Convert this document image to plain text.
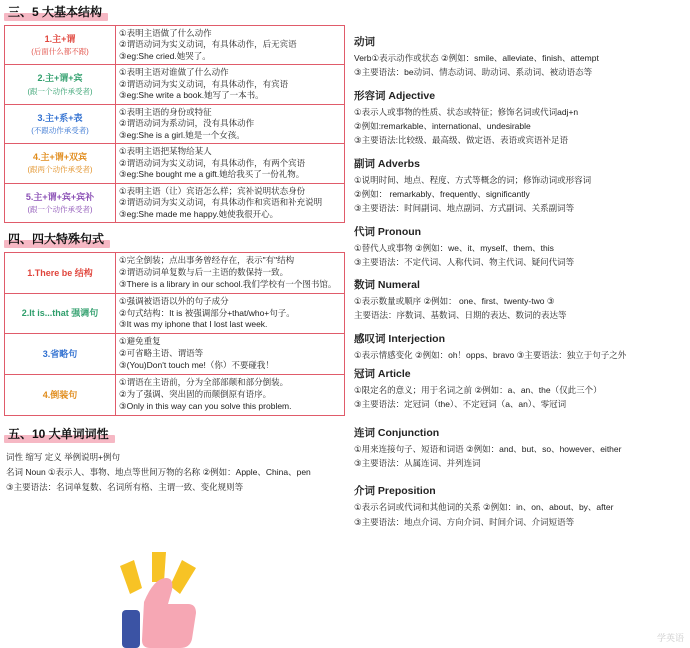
三、5 大基本结构
1.主+谓
(后面什么都不跟)	①表明主语做了什么动作
②谓语动词为实义动词，有具体动作，后无宾语
③eg:She cried.她哭了。

2.主+谓+宾
(跟一个动作承受者)	①表明主语对谁做了什么动作
②谓语动词为实义动词，有具体动作，有宾语
③eg:She write a book.她写了一本书。

3.主+系+表
(不跟动作承受者)	①表明主语的身份或特征
②谓语动词为系动词，没有具体动作
③eg:She is a girl.她是一个女孩。

4.主+谓+双宾
(跟两个动作承受者)	①表明主语把某物给某人
②谓语动词为实义动词，有具体动作，有两个宾语
③eg:She bought me a gift.她给我买了一份礼物。

5.主+谓+宾+宾补
(跟一个动作承受者)	①表明主语（让）宾语怎么样；宾补说明状态身份
②谓语动词为实义动词，有具体动作和宾语和补充说明
③eg:She made me happy.她使我很开心。
四、四大特殊句式
1.There be 结构	①完全倒装；点出事务曾经存在，表示"有"结构
②谓语动词单复数与后一主语的数保持一致。
③There is a library in our school.我们学校有一个图书馆。

2.It is...that 强调句	①强调被语语以外的句子成分
②句式结构：It is 被强调部分+that/who+句子。
③It was my iphone that I lost last week.

3.省略句	①避免重复
②可省略主语、谓语等
③(You)Don't touch me!（你）不要碰我！

4.倒装句	①谓语在主语前，分为全部部颠和部分倒装。
②为了强调、突出固的而颠倒原有语序。
③Only in this way can you solve this problem.
五、10 大单词词性
词性 缩写 定义 举例说明+例句
名词 Noun ①表示人、事物、地点等世间万物的名称 ②例如：Apple、China、pen
③主要语法：名词单复数、名词所有格、主谓一致、变化规则等
动词

Verb①表示动作或状态 ②例如：smile、alleviate、finish、attempt

③主要语法：be动词、情态动词、助动词、系动词、被动语态等

形容词 Adjective

①表示人或事物的性质、状态或特征；修饰名词或代词adj+n

②例如:remarkable、international、undesirable

③主要语法:比较级、最高级、做定语、表语或宾语补足语

副词 Adverbs

①说明时间、地点、程度、方式等概念的词；修饰动词或形容词

②例如： remarkably、frequently、significantly

③主要语法：时间副词、地点副词、方式副词、关系副词等

代词 Pronoun

①替代人或事物 ②例如：we、it、myself、them、this

③主要语法：不定代词、人称代词、物主代词、疑问代词等

数词 Numeral

①表示数量或顺序 ②例如： one、first、twenty-two ③

主要语法：序数词、基数词、日期的表达、数词的表达等

感叹词 Interjection

①表示情感变化 ②例如：oh！opps、bravo ③主要语法：独立于句子之外

冠词 Article

①限定名的意义；用于名词之前 ②例如：a、an、the（仅此三个）

③主要语法：定冠词（the）、不定冠词（a、an）、零冠词

连词 Conjunction

①用来连接句子、短语和词语 ②例如：and、but、so、however、either

③主要语法：从属连词、并列连词

介词 Preposition

①表示名词或代词和其他词的关系 ②例如：in、on、about、by、after

③主要语法：地点介词、方向介词、时间介词、介词短语等

学英语
